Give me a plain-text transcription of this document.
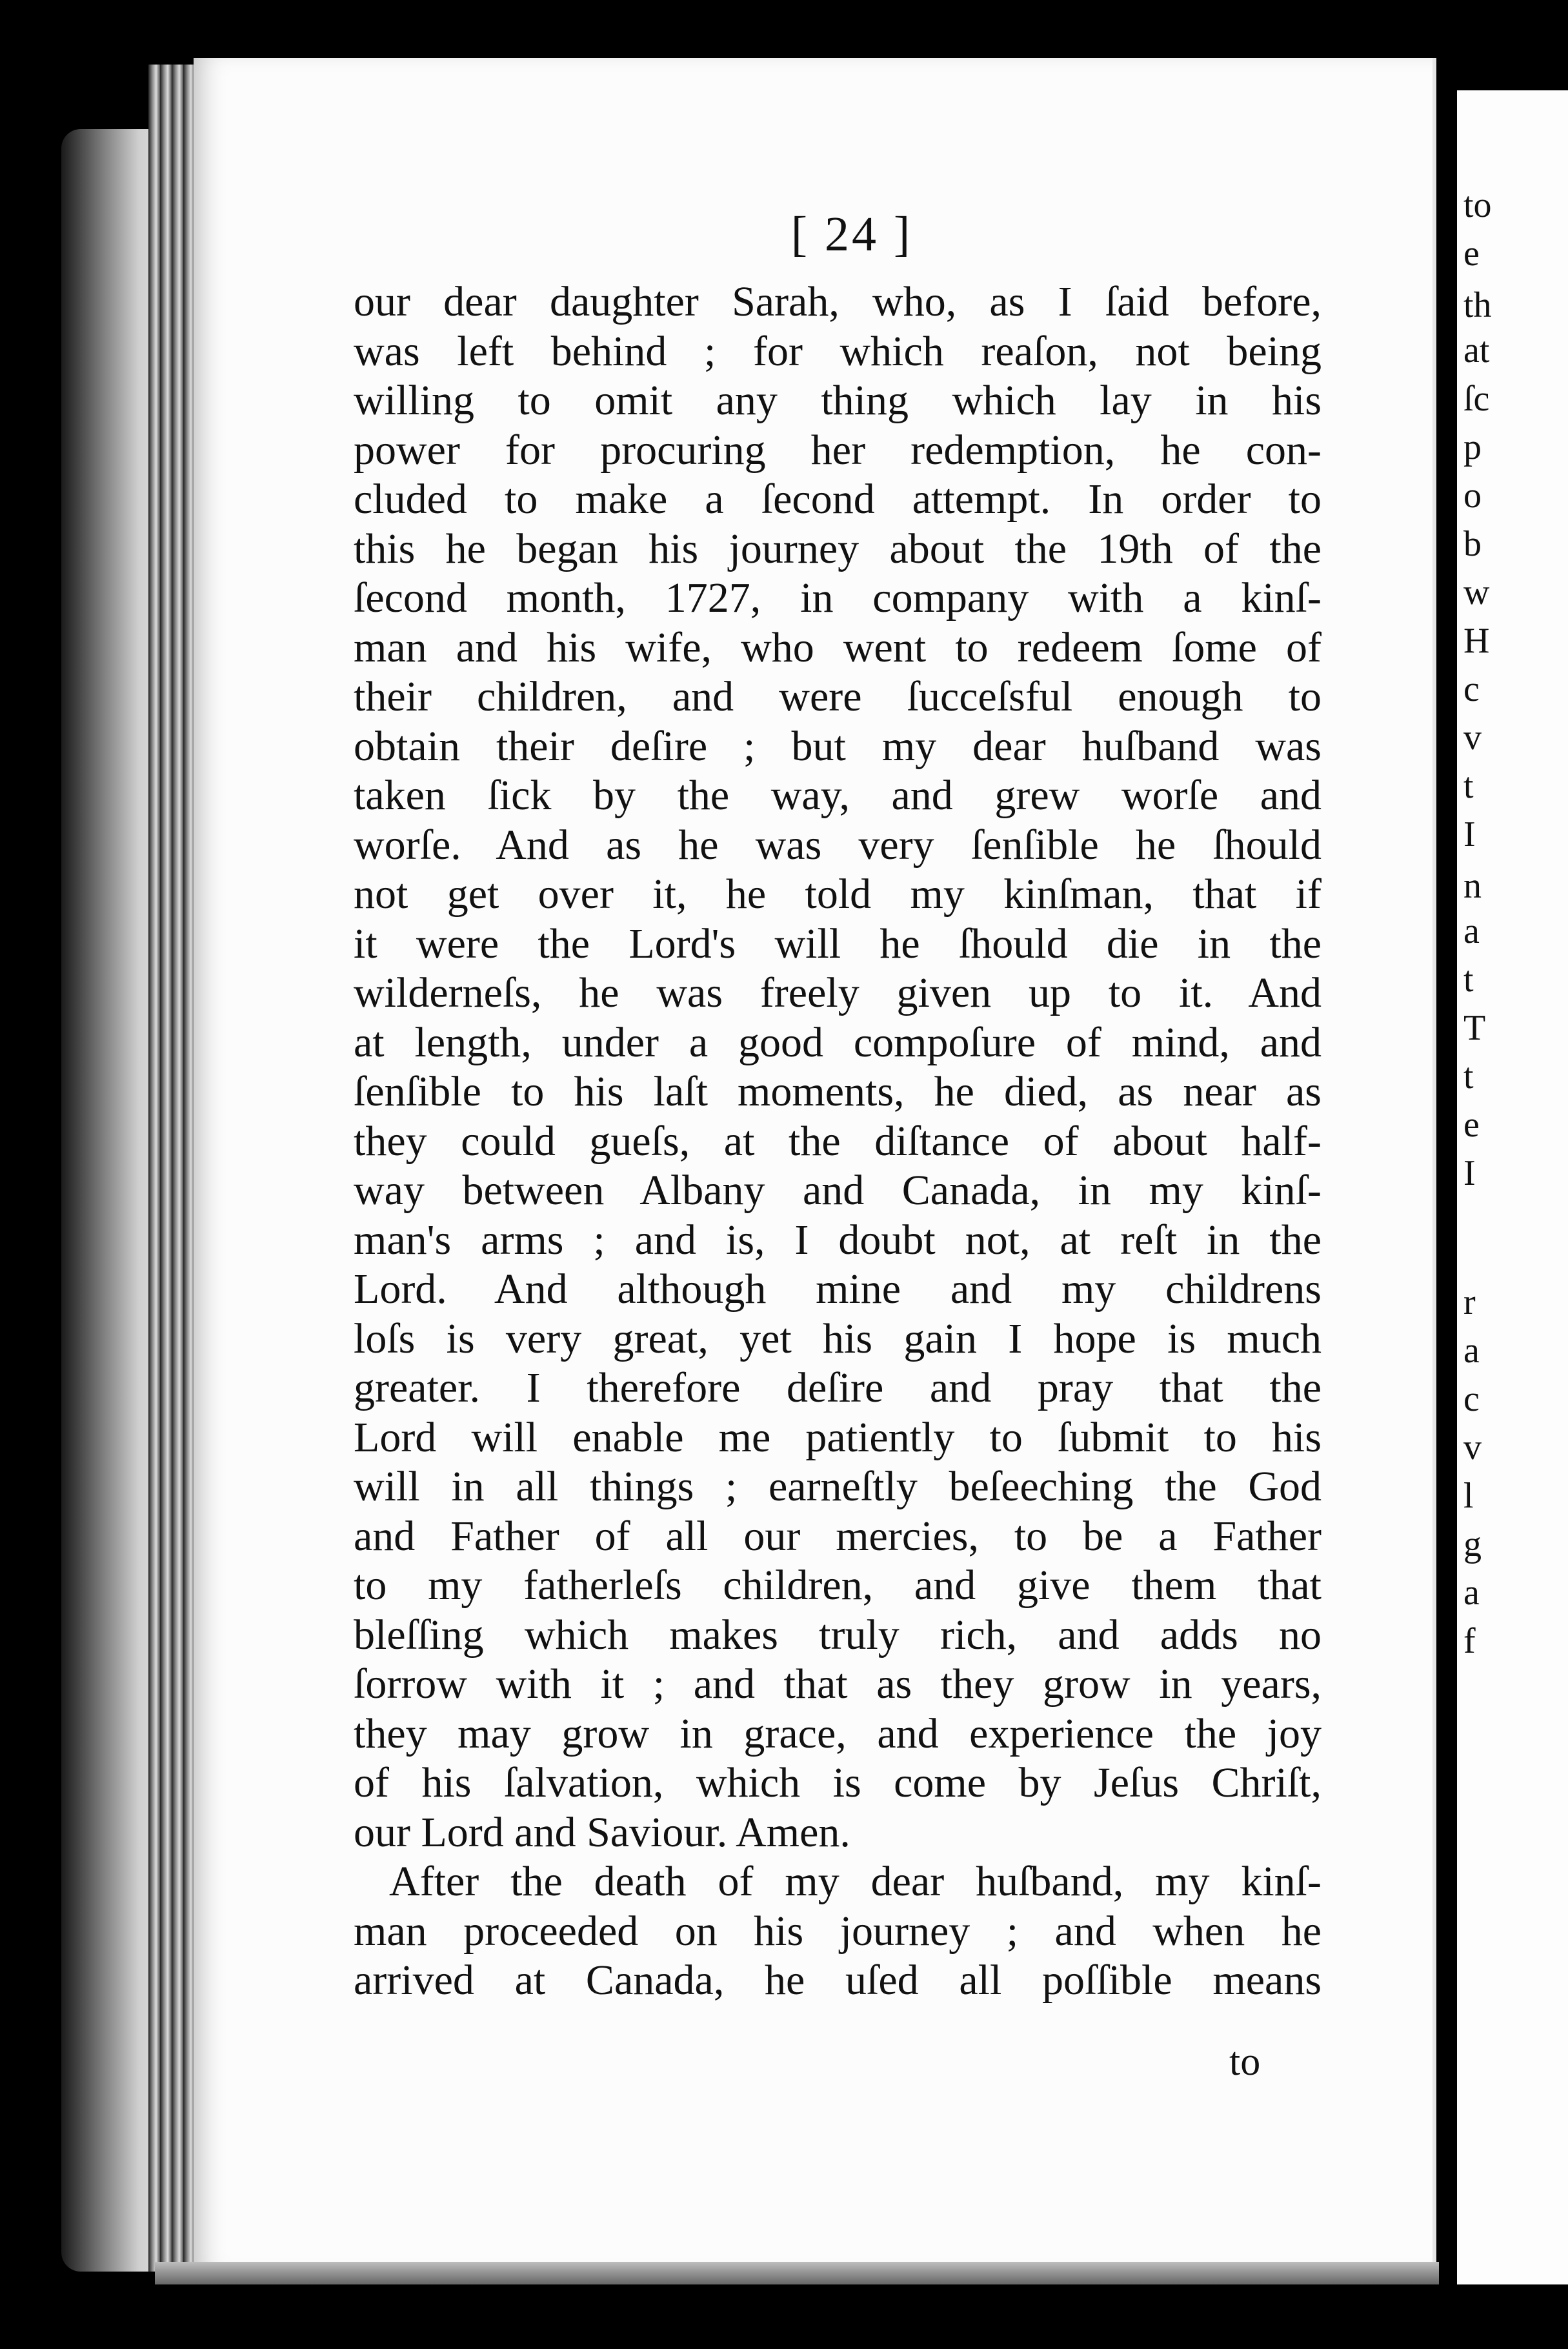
to
e
th
at
ſc
p
o
b
w
H
c
v
t
I
n
a
t
T
t
e
I
r
a
c
v
l
g
a
f
[ 24 ]
our dear daughter Sarah, who, as I ſaid before,
was left behind ; for which reaſon, not being
willing to omit any thing which lay in his
power for procuring her redemption, he con-
cluded to make a ſecond attempt. In order to
this he began his journey about the 19th of the
ſecond month, 1727, in company with a kinſ-
man and his wife, who went to redeem ſome of
their children, and were ſucceſsful enough to
obtain their deſire ; but my dear huſband was
taken ſick by the way, and grew worſe and
worſe. And as he was very ſenſible he ſhould
not get over it, he told my kinſman, that if
it were the Lord's will he ſhould die in the
wilderneſs, he was freely given up to it. And
at length, under a good compoſure of mind, and
ſenſible to his laſt moments, he died, as near as
they could gueſs, at the diſtance of about half-
way between Albany and Canada, in my kinſ-
man's arms ; and is, I doubt not, at reſt in the
Lord. And although mine and my childrens
loſs is very great, yet his gain I hope is much
greater. I therefore deſire and pray that the
Lord will enable me patiently to ſubmit to his
will in all things ; earneſtly beſeeching the God
and Father of all our mercies, to be a Father
to my fatherleſs children, and give them that
bleſſing which makes truly rich, and adds no
ſorrow with it ; and that as they grow in years,
they may grow in grace, and experience the joy
of his ſalvation, which is come by Jeſus Chriſt,
our Lord and Saviour. Amen.
After the death of my dear huſband, my kinſ-
man proceeded on his journey ; and when he
arrived at Canada, he uſed all poſſible means
to
